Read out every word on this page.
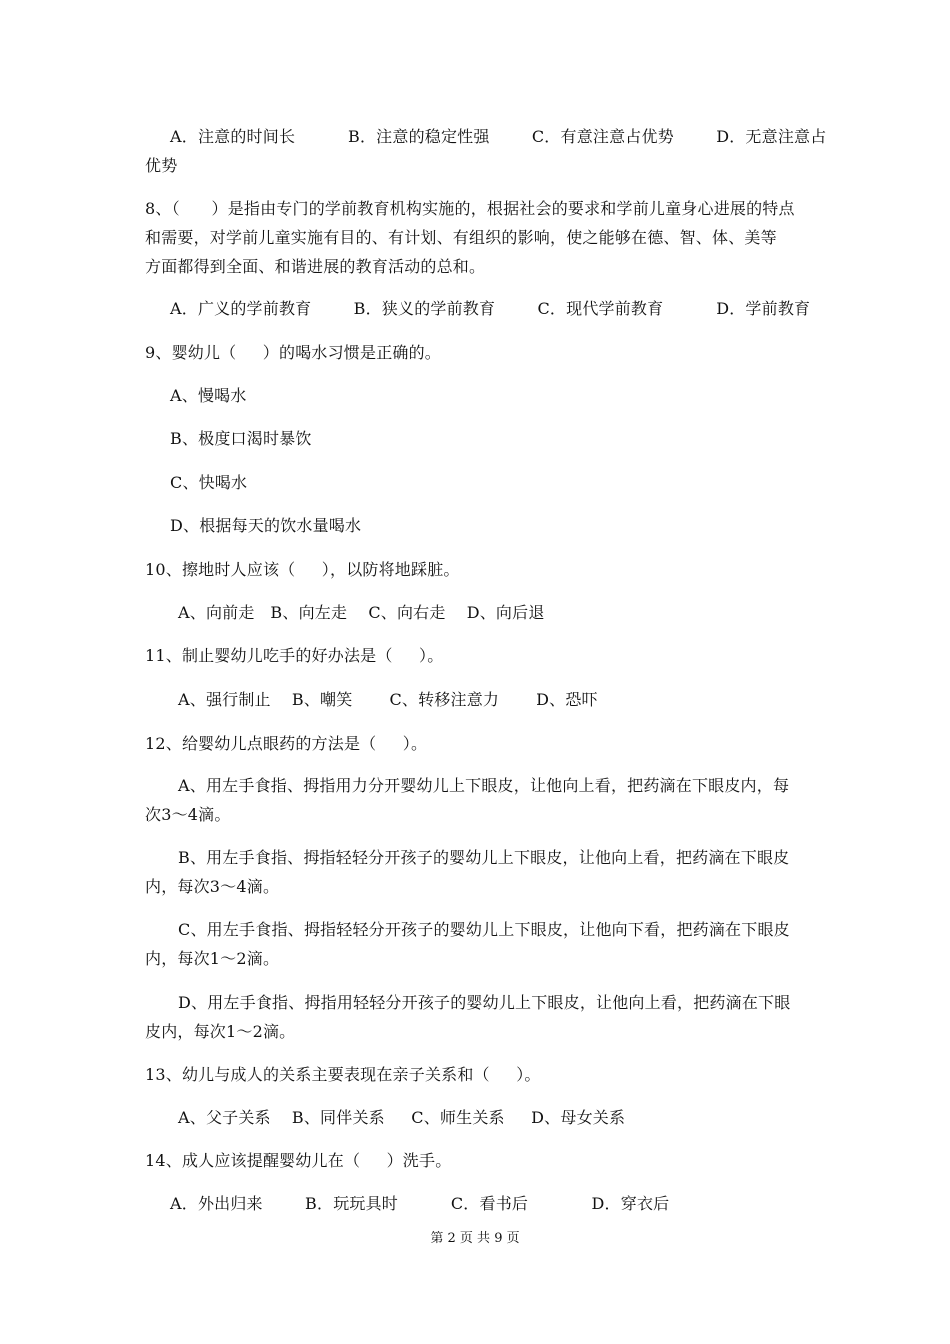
A．注意的时间长          B．注意的稳定性强        C．有意注意占优势        D．无意注意占
优势
8、（      ）是指由专门的学前教育机构实施的，根据社会的要求和学前儿童身心进展的特点
和需要，对学前儿童实施有目的、有计划、有组织的影响，使之能够在德、智、体、美等
方面都得到全面、和谐进展的教育活动的总和。
A．广义的学前教育        B．狭义的学前教育        C．现代学前教育          D．学前教育
9、婴幼儿（     ）的喝水习惯是正确的。
A、慢喝水
B、极度口渴时暴饮
C、快喝水
D、根据每天的饮水量喝水
10、擦地时人应该（     ），以防将地踩脏。
A、向前走   B、向左走    C、向右走    D、向后退
11、制止婴幼儿吃手的好办法是（     ）。
A、强行制止    B、嘲笑       C、转移注意力       D、恐吓
12、给婴幼儿点眼药的方法是（     ）。
A、用左手食指、拇指用力分开婴幼儿上下眼皮，让他向上看，把药滴在下眼皮内，每
次3～4滴。
B、用左手食指、拇指轻轻分开孩子的婴幼儿上下眼皮，让他向上看，把药滴在下眼皮
内，每次3～4滴。
C、用左手食指、拇指轻轻分开孩子的婴幼儿上下眼皮，让他向下看，把药滴在下眼皮
内，每次1～2滴。
D、用左手食指、拇指用轻轻分开孩子的婴幼儿上下眼皮，让他向上看，把药滴在下眼
皮内，每次1～2滴。
13、幼儿与成人的关系主要表现在亲子关系和（     ）。
A、父子关系    B、同伴关系     C、师生关系     D、母女关系
14、成人应该提醒婴幼儿在（     ）洗手。
A．外出归来        B．玩玩具时          C．看书后            D．穿衣后
第 2 页 共 9 页
